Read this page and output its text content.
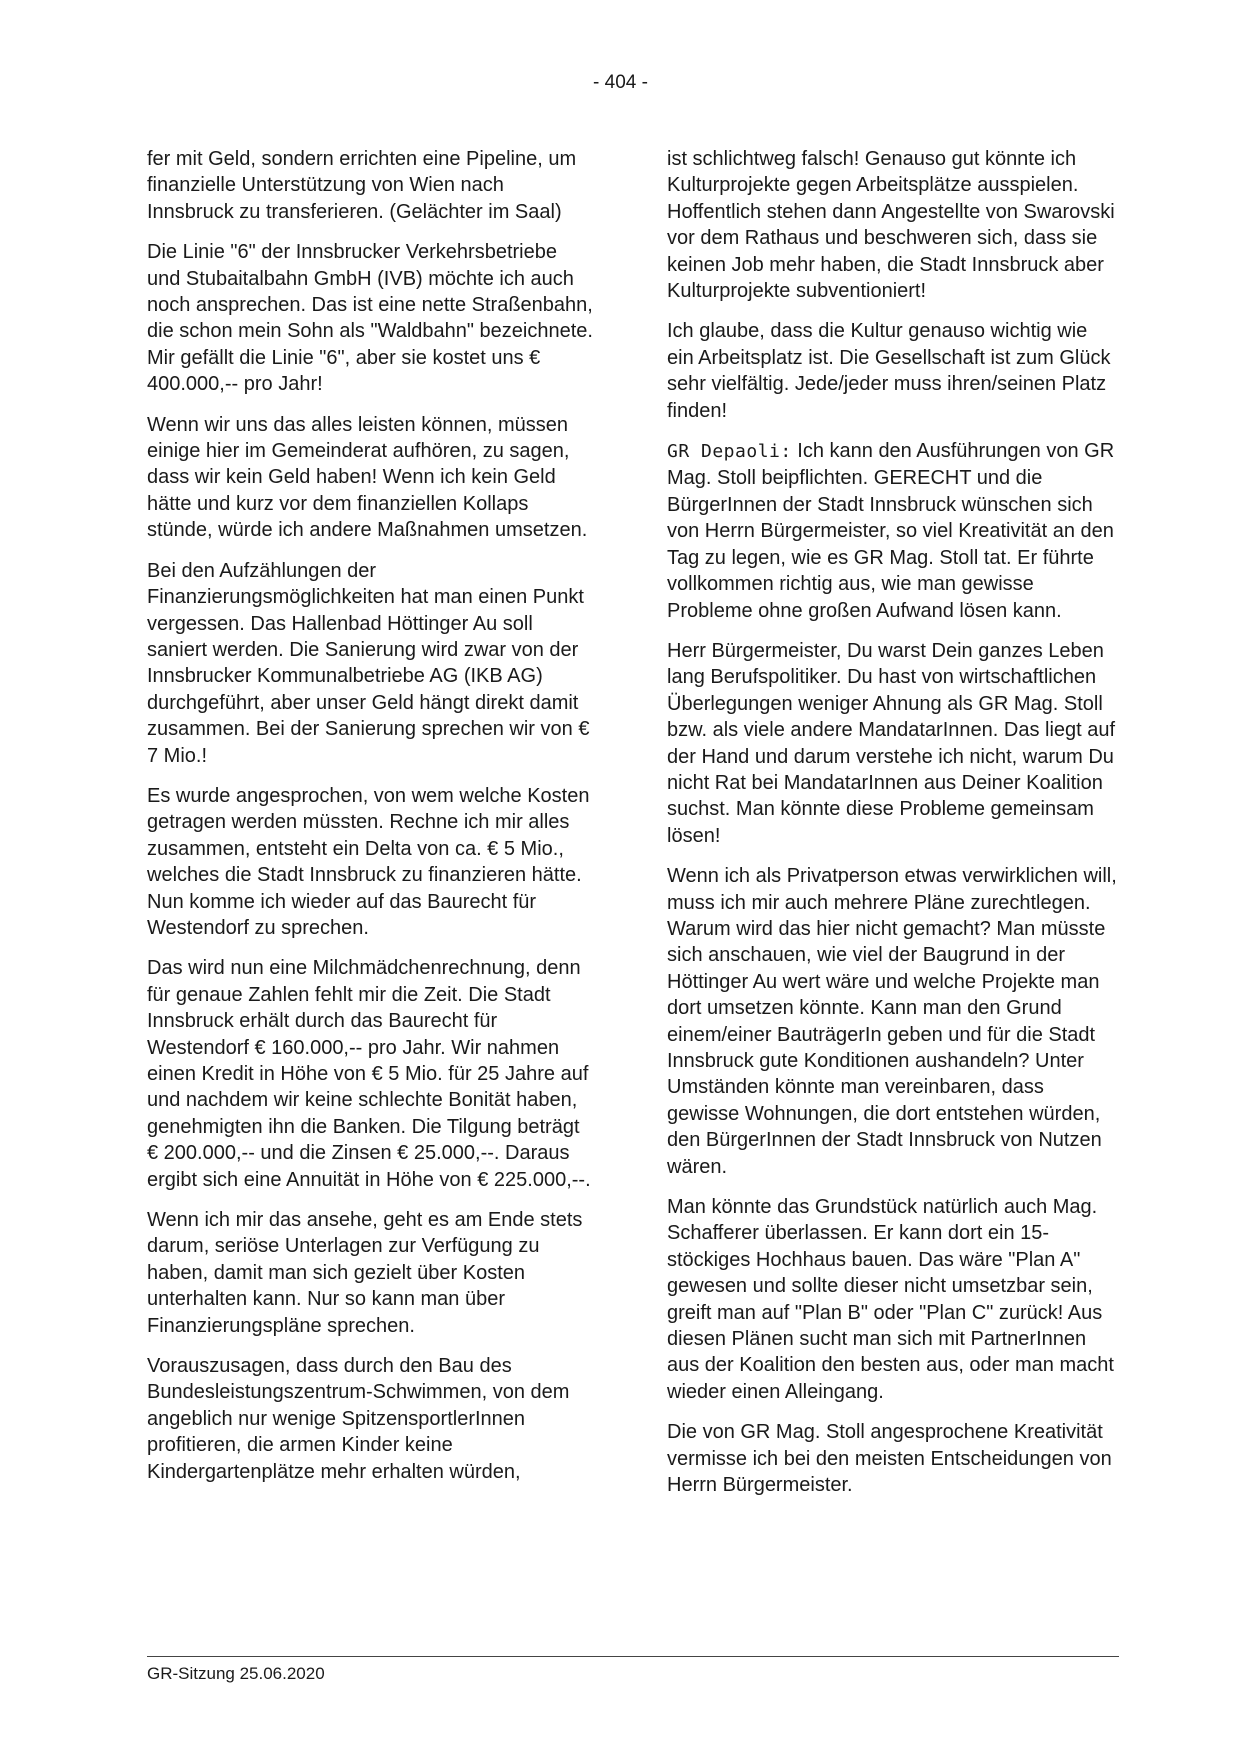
- 404 -

fer mit Geld, sondern errichten eine Pipeline, um finanzielle Unterstützung von Wien nach Innsbruck zu transferieren. (Gelächter im Saal)

Die Linie "6" der Innsbrucker Verkehrsbetriebe und Stubaitalbahn GmbH (IVB) möchte ich auch noch ansprechen. Das ist eine nette Straßenbahn, die schon mein Sohn als "Waldbahn" bezeichnete. Mir gefällt die Linie "6", aber sie kostet uns € 400.000,-- pro Jahr!

Wenn wir uns das alles leisten können, müssen einige hier im Gemeinderat aufhören, zu sagen, dass wir kein Geld haben! Wenn ich kein Geld hätte und kurz vor dem finanziellen Kollaps stünde, würde ich andere Maßnahmen umsetzen.

Bei den Aufzählungen der Finanzierungsmöglichkeiten hat man einen Punkt vergessen. Das Hallenbad Höttinger Au soll saniert werden. Die Sanierung wird zwar von der Innsbrucker Kommunalbetriebe AG (IKB AG) durchgeführt, aber unser Geld hängt direkt damit zusammen. Bei der Sanierung sprechen wir von € 7 Mio.!

Es wurde angesprochen, von wem welche Kosten getragen werden müssten. Rechne ich mir alles zusammen, entsteht ein Delta von ca. € 5 Mio., welches die Stadt Innsbruck zu finanzieren hätte. Nun komme ich wieder auf das Baurecht für Westendorf zu sprechen.

Das wird nun eine Milchmädchenrechnung, denn für genaue Zahlen fehlt mir die Zeit. Die Stadt Innsbruck erhält durch das Baurecht für Westendorf € 160.000,-- pro Jahr. Wir nahmen einen Kredit in Höhe von € 5 Mio. für 25 Jahre auf und nachdem wir keine schlechte Bonität haben, genehmigten ihn die Banken. Die Tilgung beträgt € 200.000,-- und die Zinsen € 25.000,--. Daraus ergibt sich eine Annuität in Höhe von € 225.000,--.

Wenn ich mir das ansehe, geht es am Ende stets darum, seriöse Unterlagen zur Verfügung zu haben, damit man sich gezielt über Kosten unterhalten kann. Nur so kann man über Finanzierungspläne sprechen.

Vorauszusagen, dass durch den Bau des Bundesleistungszentrum-Schwimmen, von dem angeblich nur wenige SpitzensportlerInnen profitieren, die armen Kinder keine Kindergartenplätze mehr erhalten würden,

ist schlichtweg falsch! Genauso gut könnte ich Kulturprojekte gegen Arbeitsplätze ausspielen. Hoffentlich stehen dann Angestellte von Swarovski vor dem Rathaus und beschweren sich, dass sie keinen Job mehr haben, die Stadt Innsbruck aber Kulturprojekte subventioniert!

Ich glaube, dass die Kultur genauso wichtig wie ein Arbeitsplatz ist. Die Gesellschaft ist zum Glück sehr vielfältig. Jede/jeder muss ihren/seinen Platz finden!

GR Depaoli: Ich kann den Ausführungen von GR Mag. Stoll beipflichten. GERECHT und die BürgerInnen der Stadt Innsbruck wünschen sich von Herrn Bürgermeister, so viel Kreativität an den Tag zu legen, wie es GR Mag. Stoll tat. Er führte vollkommen richtig aus, wie man gewisse Probleme ohne großen Aufwand lösen kann.

Herr Bürgermeister, Du warst Dein ganzes Leben lang Berufspolitiker. Du hast von wirtschaftlichen Überlegungen weniger Ahnung als GR Mag. Stoll bzw. als viele andere MandatarInnen. Das liegt auf der Hand und darum verstehe ich nicht, warum Du nicht Rat bei MandatarInnen aus Deiner Koalition suchst. Man könnte diese Probleme gemeinsam lösen!

Wenn ich als Privatperson etwas verwirklichen will, muss ich mir auch mehrere Pläne zurechtlegen. Warum wird das hier nicht gemacht? Man müsste sich anschauen, wie viel der Baugrund in der Höttinger Au wert wäre und welche Projekte man dort umsetzen könnte. Kann man den Grund einem/einer BauträgerIn geben und für die Stadt Innsbruck gute Konditionen aushandeln? Unter Umständen könnte man vereinbaren, dass gewisse Wohnungen, die dort entstehen würden, den BürgerInnen der Stadt Innsbruck von Nutzen wären.

Man könnte das Grundstück natürlich auch Mag. Schafferer überlassen. Er kann dort ein 15-stöckiges Hochhaus bauen. Das wäre "Plan A" gewesen und sollte dieser nicht umsetzbar sein, greift man auf "Plan B" oder "Plan C" zurück! Aus diesen Plänen sucht man sich mit PartnerInnen aus der Koalition den besten aus, oder man macht wieder einen Alleingang.

Die von GR Mag. Stoll angesprochene Kreativität vermisse ich bei den meisten Entscheidungen von Herrn Bürgermeister.

GR-Sitzung 25.06.2020
